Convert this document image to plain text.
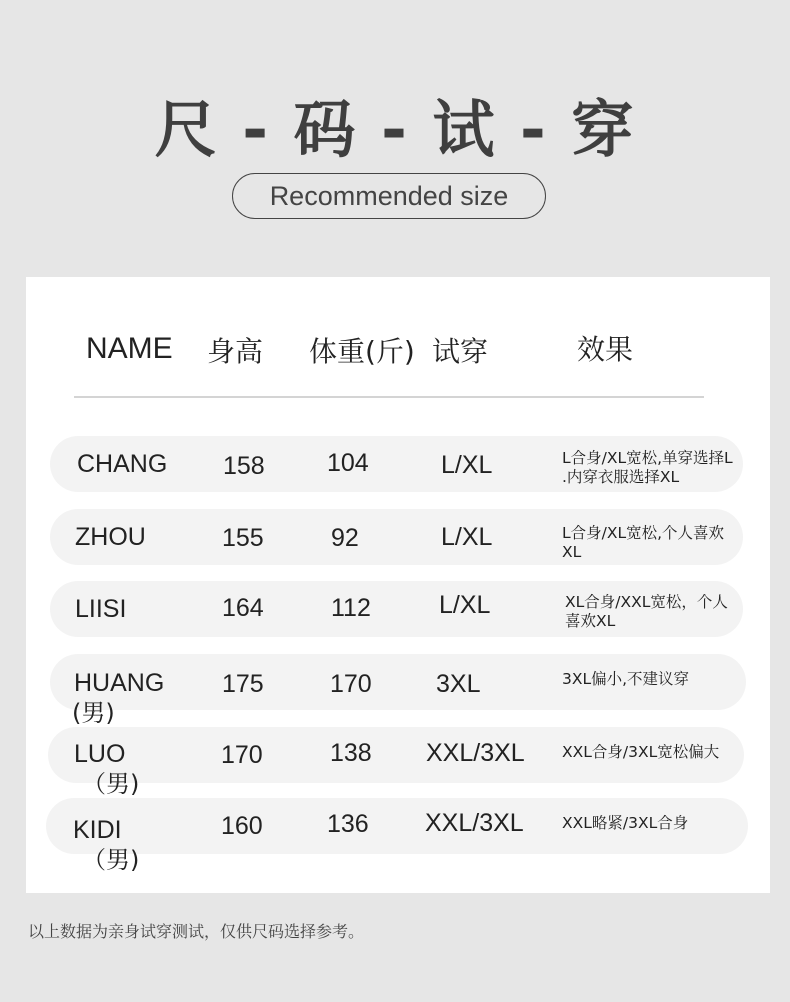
尺 - 码 - 试 - 穿
Recommended size
NAME 身高 体重(斤) 试穿	效果
CHANG 158 104	L/XL	L合身/XL宽松,单穿选择L .内穿衣服选择XL
ZHOU	155	92	L/XL	L合身/XL宽松,个人喜欢XL
LIISI	164	112	L/XL	XL合身/XXL宽松，个人喜欢XL
HUANG
(男)
175	170	3XL	3XL偏小,不建议穿
LUO
（男)
170	138 XXL/3XL XXL合身/3XL宽松偏大
KIDI
（男)
160	136 XXL/3XL XXL略紧/3XL合身
以上数据为亲身试穿测试，仅供尺码选择参考。
